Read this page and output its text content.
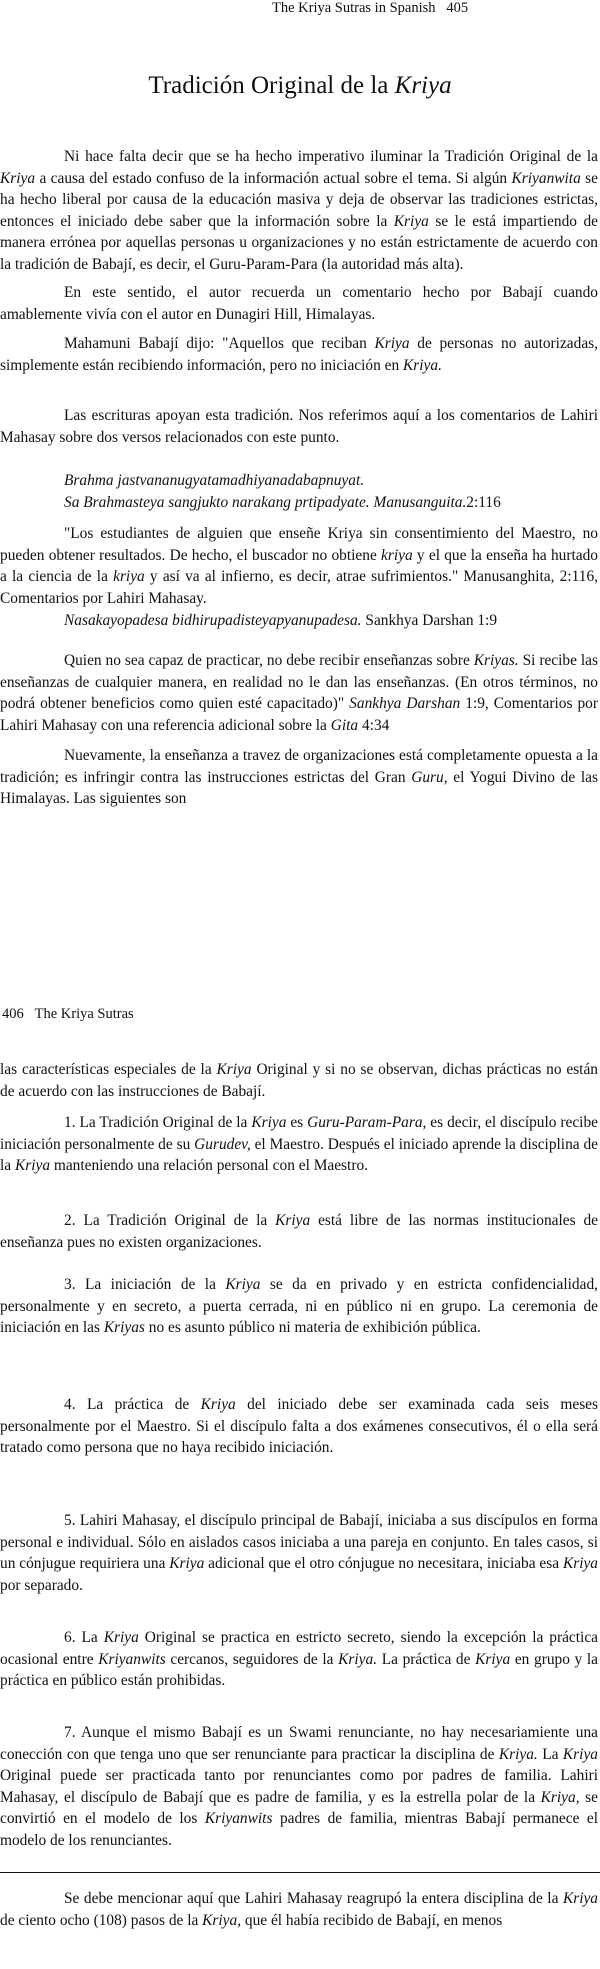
The Kriya Sutras in Spanish 405
Tradición Original de la Kriya

Ni hace falta decir que se ha hecho imperativo iluminar la Tradición Original de la Kriya a causa del estado confuso de la información actual sobre el tema. Si algún Kriyanwita se ha hecho liberal por causa de la educación masiva y deja de observar las tradiciones estrictas, entonces el iniciado debe saber que la información sobre la Kriya se le está impartiendo de manera errónea por aquellas personas u organizaciones y no están estrictamente de acuerdo con la tradición de Babají, es decir, el Guru-Param-Para (la autoridad más alta).

En este sentido, el autor recuerda un comentario hecho por Babají cuando amablemente vivía con el autor en Dunagiri Hill, Himalayas.

Mahamuni Babají dijo: "Aquellos que reciban Kriya de personas no autorizadas, simplemente están recibiendo información, pero no iniciación en Kriya.

Las escrituras apoyan esta tradición. Nos referimos aquí a los comentarios de Lahiri Mahasay sobre dos versos relacionados con este punto.

Brahma jastvananugyatamadhiyanadabapnuyat.
Sa Brahmasteya sangjukto narakang prtipadyate. Manusanguita.2:116

"Los estudiantes de alguien que enseñe Kriya sin consentimiento del Maestro, no pueden obtener resultados. De hecho, el buscador no obtiene kriya y el que la enseña ha hurtado a la ciencia de la kriya y así va al infierno, es decir, atrae sufrimientos." Manusanghita, 2:116, Comentarios por Lahiri Mahasay.

Nasakayopadesa bidhirupadisteyapyanupadesa. Sankhya Darshan 1:9

Quien no sea capaz de practicar, no debe recibir enseñanzas sobre Kriyas. Si recibe las enseñanzas de cualquier manera, en realidad no le dan las enseñanzas. (En otros términos, no podrá obtener beneficios como quien esté capacitado)" Sankhya Darshan 1:9, Comentarios por Lahiri Mahasay con una referencia adicional sobre la Gita 4:34

Nuevamente, la enseñanza a travez de organizaciones está completamente opuesta a la tradición; es infringir contra las instrucciones estrictas del Gran Guru, el Yogui Divino de las Himalayas. Las siguientes son

406 The Kriya Sutras

las características especiales de la Kriya Original y si no se observan, dichas prácticas no están de acuerdo con las instrucciones de Babají.

1. La Tradición Original de la Kriya es Guru-Param-Para, es decir, el discípulo recibe iniciación personalmente de su Gurudev, el Maestro. Después el iniciado aprende la disciplina de la Kriya manteniendo una relación personal con el Maestro.

2. La Tradición Original de la Kriya está libre de las normas institucionales de enseñanza pues no existen organizaciones.

3. La iniciación de la Kriya se da en privado y en estricta confidencialidad, personalmente y en secreto, a puerta cerrada, ni en público ni en grupo. La ceremonia de iniciación en las Kriyas no es asunto público ni materia de exhibición pública.

4. La práctica de Kriya del iniciado debe ser examinada cada seis meses personalmente por el Maestro. Si el discípulo falta a dos exámenes consecutivos, él o ella será tratado como persona que no haya recibido iniciación.

5. Lahiri Mahasay, el discípulo principal de Babají, iniciaba a sus discípulos en forma personal e individual. Sólo en aislados casos iniciaba a una pareja en conjunto. En tales casos, si un cónjugue requiriera una Kriya adicional que el otro cónjugue no necesitara, iniciaba esa Kriya por separado.

6. La Kriya Original se practica en estricto secreto, siendo la excepción la práctica ocasional entre Kriyanwits cercanos, seguidores de la Kriya. La práctica de Kriya en grupo y la práctica en público están prohibidas.

7. Aunque el mismo Babají es un Swami renunciante, no hay necesariamiente una conección con que tenga uno que ser renunciante para practicar la disciplina de Kriya. La Kriya Original puede ser practicada tanto por renunciantes como por padres de familia. Lahiri Mahasay, el discípulo de Babají que es padre de familia, y es la estrella polar de la Kriya, se convirtió en el modelo de los Kriyanwits padres de familia, mientras Babají permanece el modelo de los renunciantes.

Se debe mencionar aquí que Lahiri Mahasay reagrupó la entera disciplina de la Kriya de ciento ocho (108) pasos de la Kriya, que él había recibido de Babají, en menos
